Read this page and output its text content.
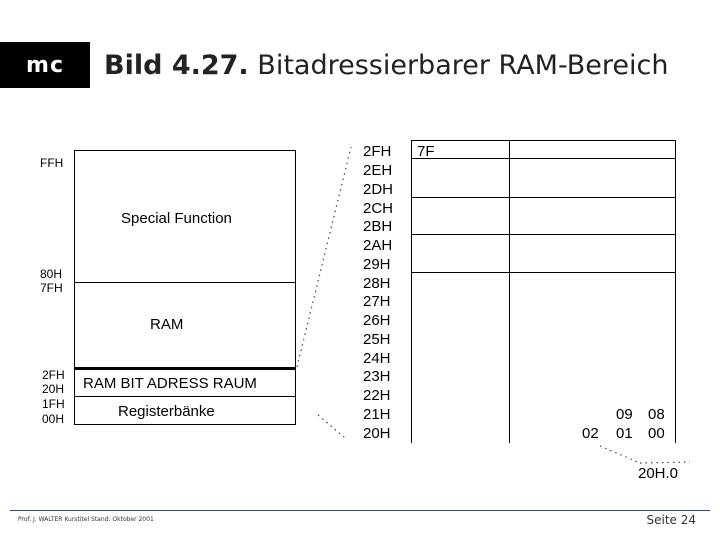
mc	Bild 4.27. Bitadressierbarer RAM-Bereich
FFH
80H
7FH
2FH
20H
1FH
00H
Special Function
RAM
RAM BIT ADRESS RAUM
Registerbänke
2FH
2EH
2DH
2CH
2BH
2AH
29H
28H
27H
26H
25H
24H
23H
22H
21H
20H
7F
09 08
02 01 00
20H.0
Prof. J. WALTER Kurstitel Stand: Oktober 2001	Seite 24
